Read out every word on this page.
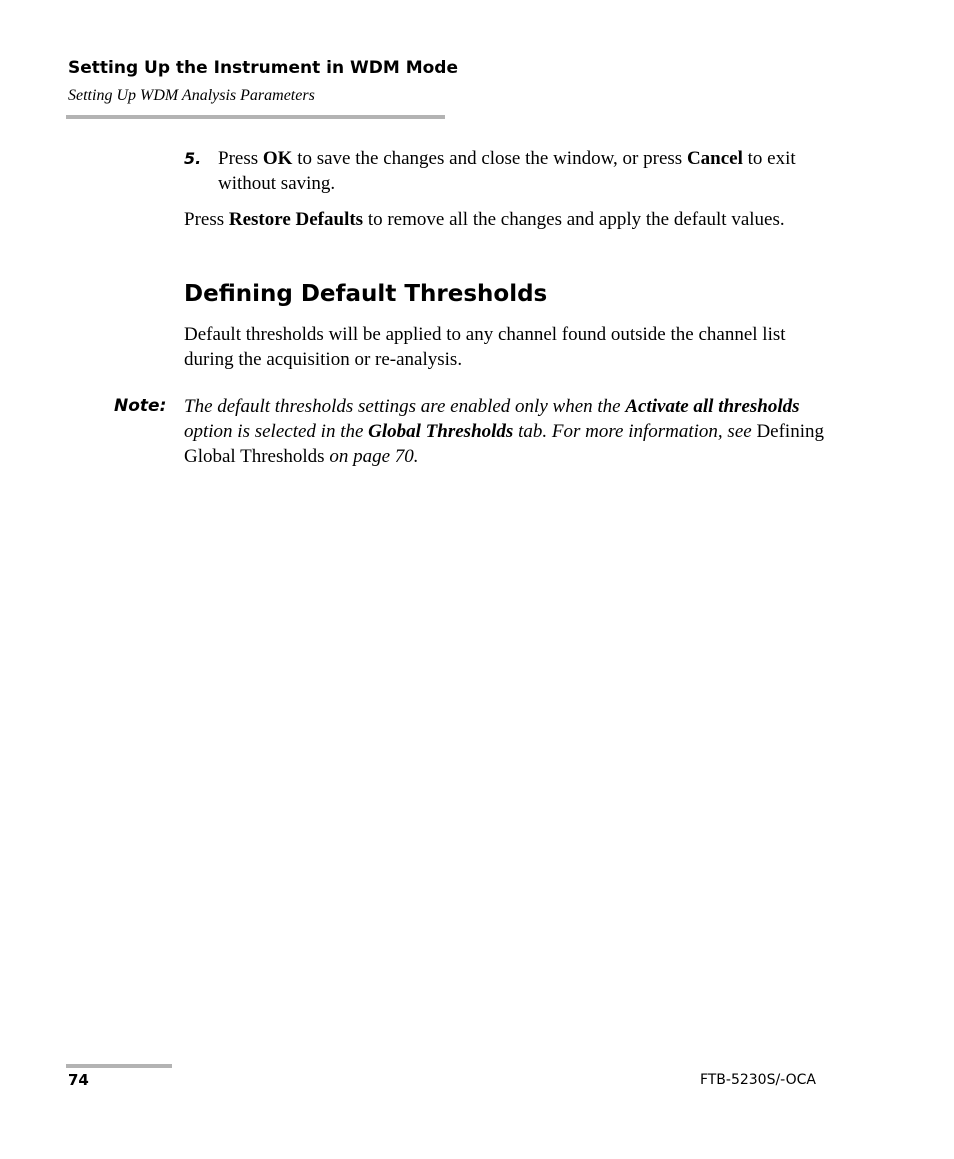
Setting Up the Instrument in WDM Mode
Setting Up WDM Analysis Parameters
5. Press OK to save the changes and close the window, or press Cancel to exit without saving.
Press Restore Defaults to remove all the changes and apply the default values.
Defining Default Thresholds
Default thresholds will be applied to any channel found outside the channel list during the acquisition or re-analysis.
Note: The default thresholds settings are enabled only when the Activate all thresholds option is selected in the Global Thresholds tab. For more information, see Defining Global Thresholds on page 70.
74	FTB-5230S/-OCA
